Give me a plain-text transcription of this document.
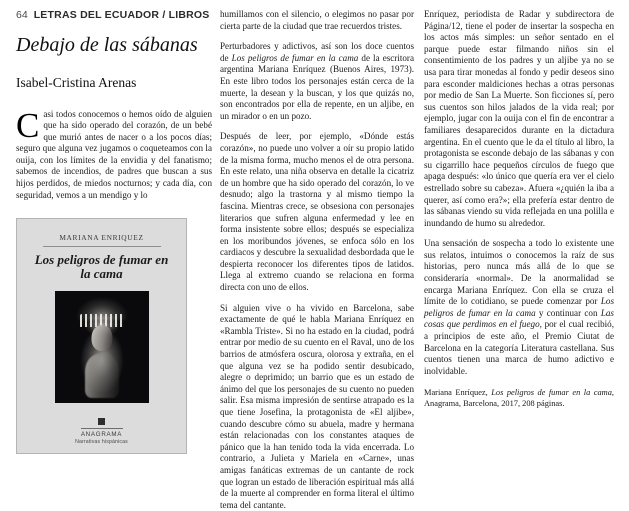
64 LETRAS DEL ECUADOR / LIBROS
Debajo de las sábanas
Isabel-Cristina Arenas

Casi todos conocemos o hemos oído de alguien que ha sido operado del corazón, de un bebé que murió antes de nacer o a los pocos días; seguro que alguna vez jugamos o coqueteamos con la ouija, con los límites de la envidia y del fanatismo; sabemos de incendios, de padres que buscan a sus hijos perdidos, de miedos nocturnos; y cada día, con seguridad, vemos a un mendigo y lo

MARIANA ENRIQUEZ
Los peligros de fumar en la cama
ANAGRAMA
Narrativas hispánicas

humillamos con el silencio, o elegimos no pasar por cierta parte de la ciudad que trae recuerdos tristes.

Perturbadores y adictivos, así son los doce cuentos de Los peligros de fumar en la cama de la escritora argentina Mariana Enríquez (Buenos Aires, 1973). En este libro todos los personajes están cerca de la muerte, la desean y la buscan, y los que quizás no, son encontrados por ella de repente, en un aljibe, en un mirador o en un pozo.

Después de leer, por ejemplo, «Dónde estás corazón», no puede uno volver a oír su propio latido de la misma forma, mucho menos el de otra persona. En este relato, una niña observa en detalle la cicatriz de un hombre que ha sido operado del corazón, lo ve desnudo; algo la trastorna y al mismo tiempo la fascina. Mientras crece, se obsesiona con personajes literarios que sufren alguna enfermedad y lee en forma insistente sobre ellos; después se especializa en los moribundos jóvenes, se enfoca sólo en los cardiacos y descubre la sexualidad desbordada que le despierta reconocer los diferentes tipos de latidos. Llega al extremo cuando se relaciona en forma directa con uno de ellos.

Si alguien vive o ha vivido en Barcelona, sabe exactamente de qué le habla Mariana Enríquez en «Rambla Triste». Si no ha estado en la ciudad, podrá entrar por medio de su cuento en el Raval, uno de los barrios de atmósfera oscura, olorosa y extraña, en el que alguna vez se ha podido sentir desubicado, alegre o deprimido; un barrio que es un estado de ánimo del que los personajes de su cuento no pueden salir. Esa misma impresión de sentirse atrapado es la que tiene Josefina, la protagonista de «El aljibe», cuando descubre cómo su abuela, madre y hermana están relacionadas con los constantes ataques de pánico que la han tenido toda la vida encerrada. Lo contrario, a Julieta y Mariela en «Carne», unas amigas fanáticas extremas de un cantante de rock que logran un estado de liberación espiritual más allá de la muerte al comprender en forma literal el último tema del cantante.

Enríquez, periodista de Radar y subdirectora de Página/12, tiene el poder de insertar la sospecha en los actos más simples: un señor sentado en el parque puede estar filmando niños sin el consentimiento de los padres y un aljibe ya no se usa para tirar monedas al fondo y pedir deseos sino para esconder maldiciones hechas a otras personas por medio de San La Muerte. Son ficciones sí, pero sus cuentos son hilos jalados de la vida real; por ejemplo, jugar con la ouija con el fin de encontrar a familiares desaparecidos durante en la dictadura argentina. En el cuento que le da el título al libro, la protagonista se esconde debajo de las sábanas y con su cigarrillo hace pequeños círculos de fuego que apaga después: «lo único que quería era ver el cielo estrellado sobre su cabeza». Afuera «¿quién la iba a querer, así como era?»; ella prefería estar dentro de las sábanas viendo su vida reflejada en una polilla e inundando de humo su alrededor.

Una sensación de sospecha a todo lo existente une sus relatos, intuimos o conocemos la raíz de sus historias, pero nunca más allá de lo que se consideraría «normal». De la anormalidad se encarga Mariana Enríquez. Con ella se cruza el límite de lo cotidiano, se puede comenzar por Los peligros de fumar en la cama y continuar con Las cosas que perdimos en el fuego, por el cual recibió, a principios de este año, el Premio Ciutat de Barcelona en la categoría Literatura castellana. Sus cuentos tienen una marca de humo adictivo e inolvidable.

Mariana Enríquez, Los peligros de fumar en la cama, Anagrama, Barcelona, 2017, 208 páginas.
